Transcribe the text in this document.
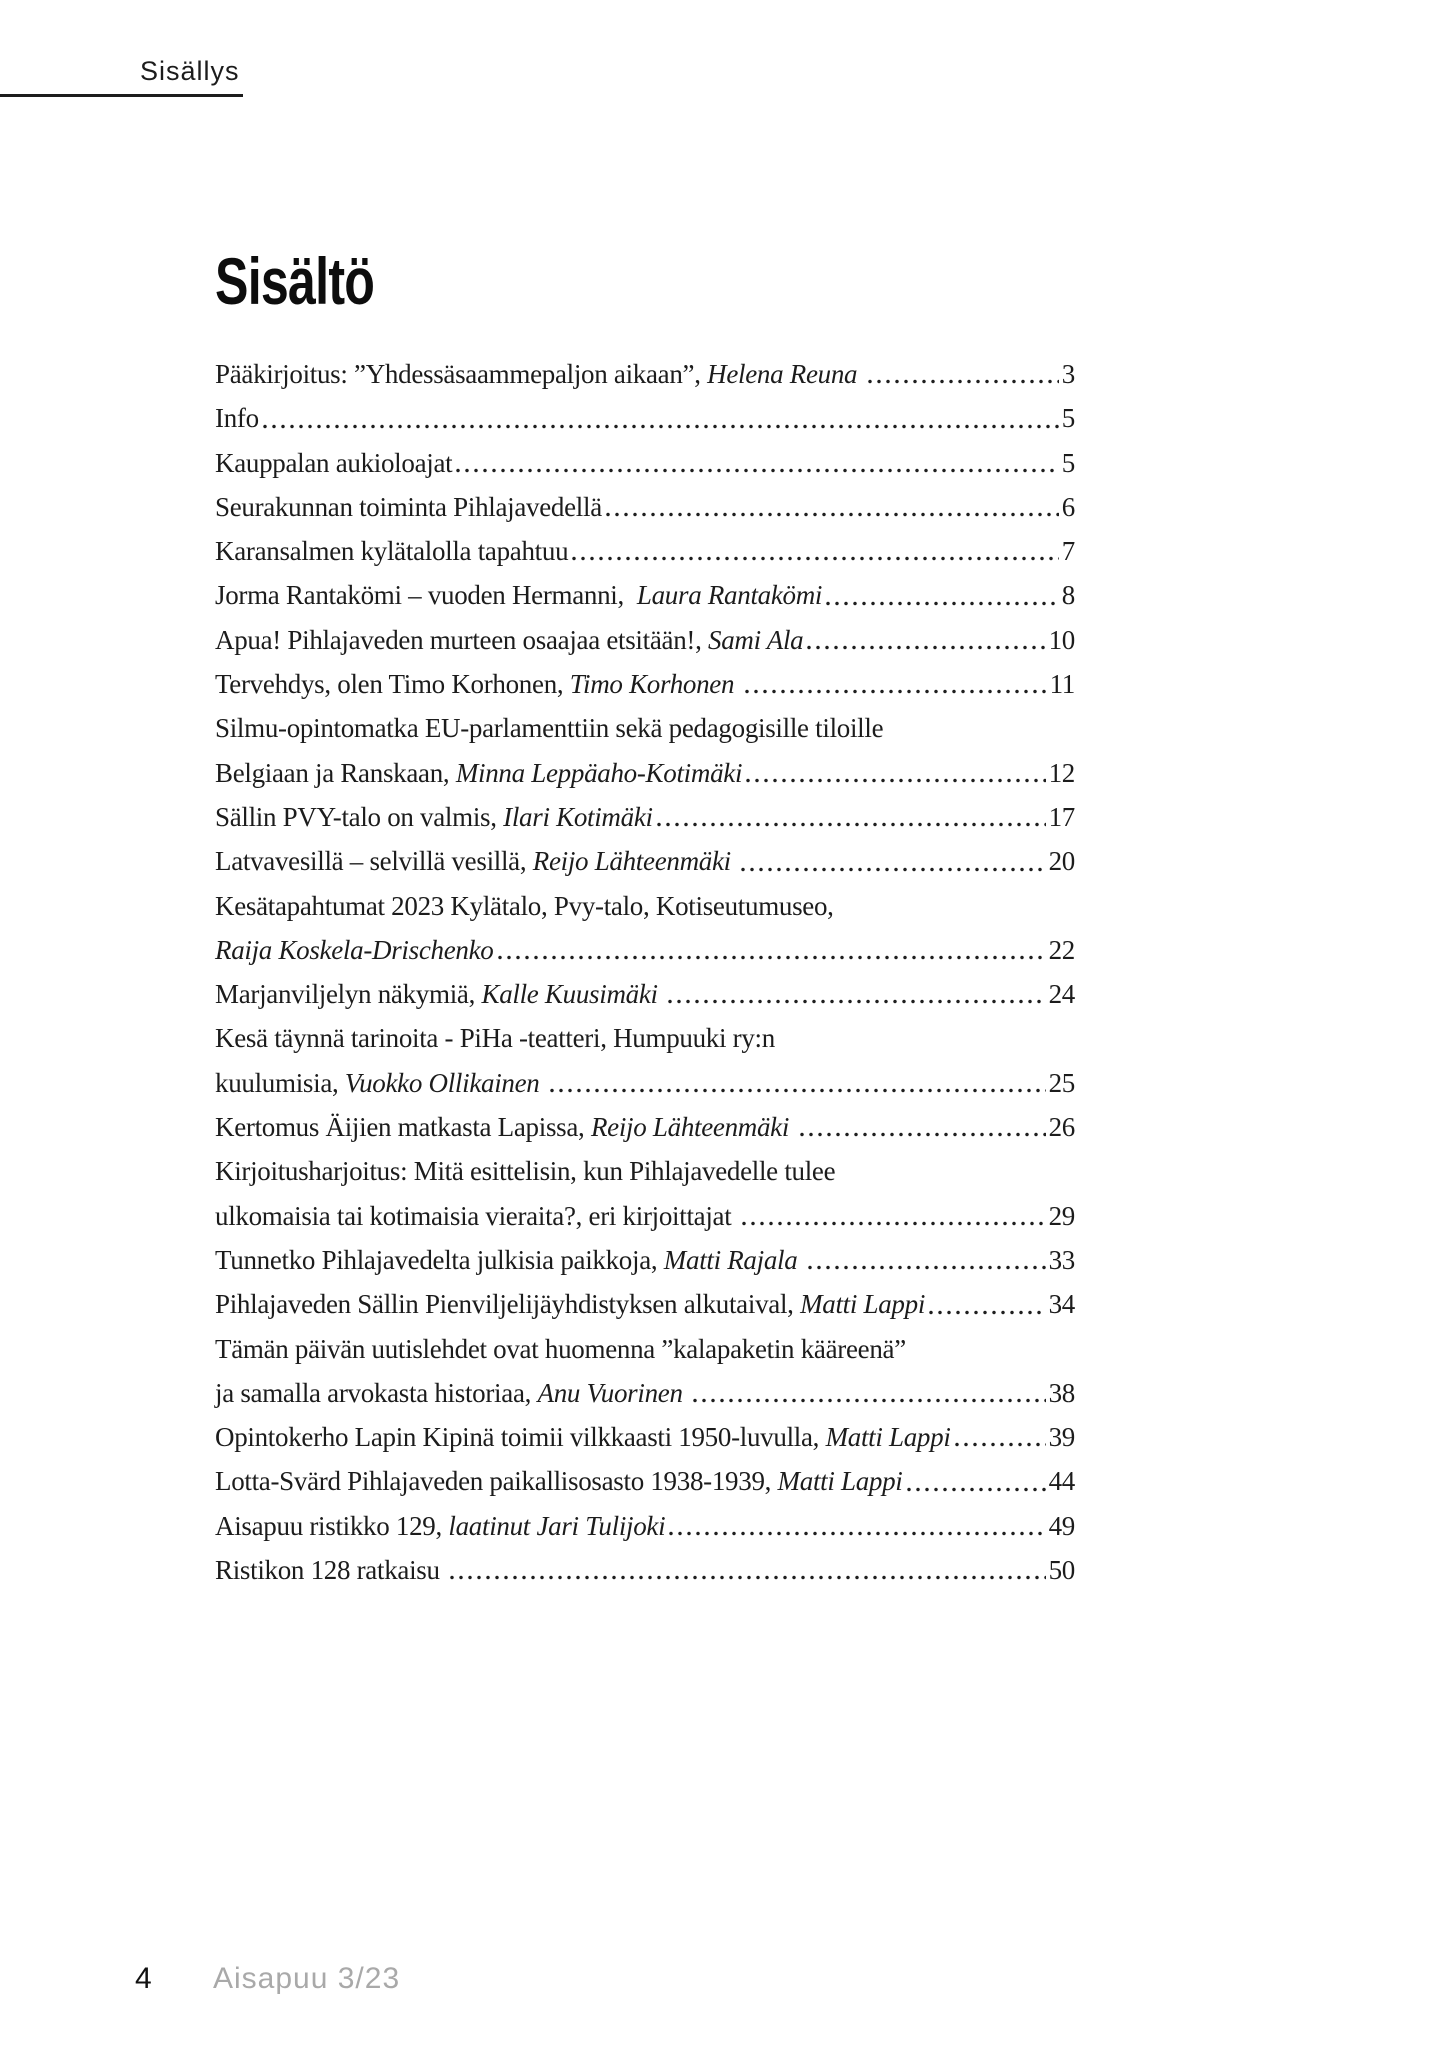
Sisällys
Sisältö
Pääkirjoitus: ”Yhdessäsaammepaljon aikaan”, Helena Reuna	3
Info	5
Kauppalan aukioloajat	5
Seurakunnan toiminta Pihlajavedellä	6
Karansalmen kylätalolla tapahtuu	7
Jorma Rantakömi – vuoden Hermanni,  Laura Rantakömi	8
Apua! Pihlajaveden murteen osaajaa etsitään!, Sami Ala	10
Tervehdys, olen Timo Korhonen, Timo Korhonen	11
Silmu-opintomatka EU-parlamenttiin sekä pedagogisille tiloille
Belgiaan ja Ranskaan, Minna Leppäaho-Kotimäki	12
Sällin PVY-talo on valmis, Ilari Kotimäki	17
Latvavesillä – selvillä vesillä, Reijo Lähteenmäki	20
Kesätapahtumat 2023 Kylätalo, Pvy-talo, Kotiseutumuseo,
Raija Koskela-Drischenko	22
Marjanviljelyn näkymiä, Kalle Kuusimäki	24
Kesä täynnä tarinoita - PiHa -teatteri, Humpuuki ry:n
kuulumisia, Vuokko Ollikainen	25
Kertomus Äijien matkasta Lapissa, Reijo Lähteenmäki	26
Kirjoitusharjoitus: Mitä esittelisin, kun Pihlajavedelle tulee
ulkomaisia tai kotimaisia vieraita?, eri kirjoittajat	29
Tunnetko Pihlajavedelta julkisia paikkoja, Matti Rajala	33
Pihlajaveden Sällin Pienviljelijäyhdistyksen alkutaival, Matti Lappi	34
Tämän päivän uutislehdet ovat huomenna ”kalapaketin kääreenä”
ja samalla arvokasta historiaa, Anu Vuorinen	38
Opintokerho Lapin Kipinä toimii vilkkaasti 1950-luvulla, Matti Lappi	39
Lotta-Svärd Pihlajaveden paikallisosasto 1938-1939, Matti Lappi	44
Aisapuu ristikko 129, laatinut Jari Tulijoki	49
Ristikon 128 ratkaisu	50
4 Aisapuu 3/23
